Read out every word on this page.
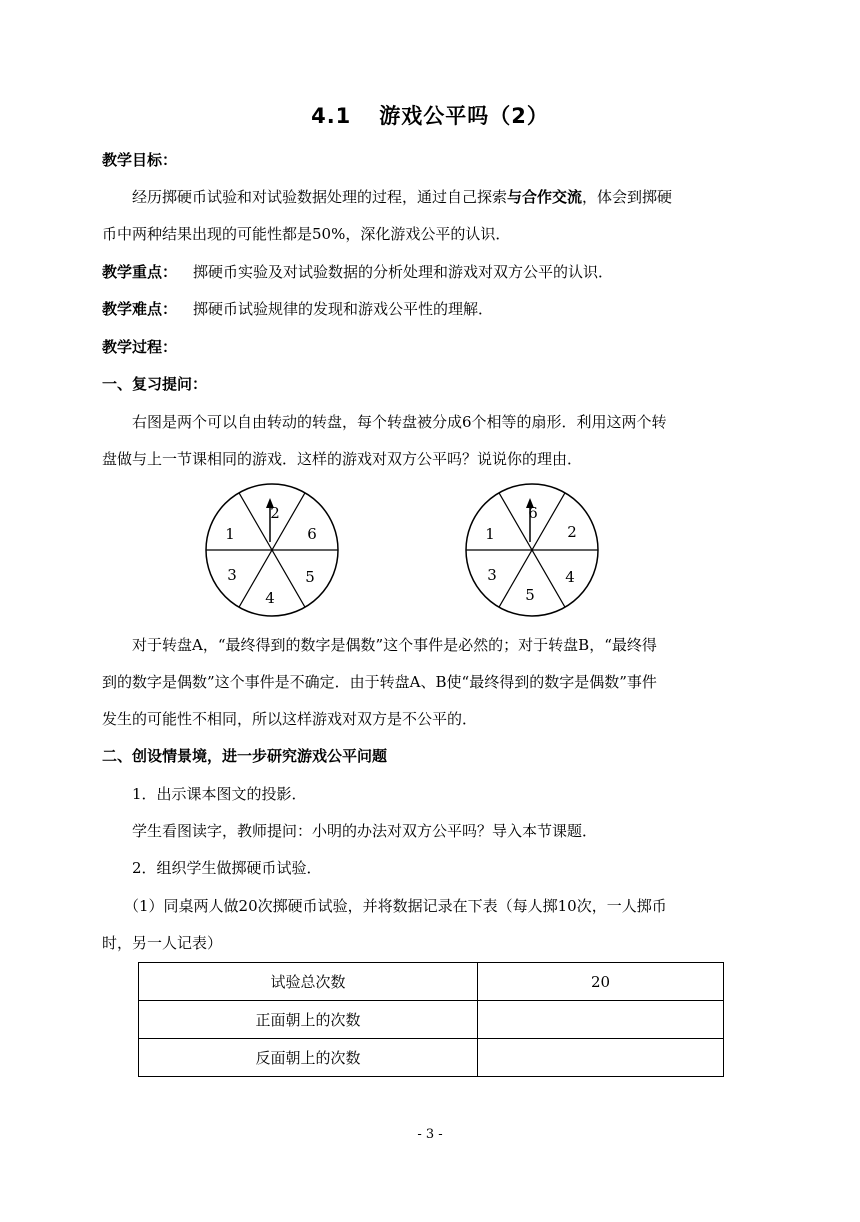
4.1 游戏公平吗（2）
教学目标：
经历掷硬币试验和对试验数据处理的过程，通过自己探索与合作交流，体会到掷硬
币中两种结果出现的可能性都是50%，深化游戏公平的认识．
教学重点： 掷硬币实验及对试验数据的分析处理和游戏对双方公平的认识．
教学难点： 掷硬币试验规律的发现和游戏公平性的理解．
教学过程：
一、复习提问：
右图是两个可以自由转动的转盘，每个转盘被分成6个相等的扇形．利用这两个转
盘做与上一节课相同的游戏．这样的游戏对双方公平吗？说说你的理由．
2
6
5
4
3
1
6
2
4
5
3
1
对于转盘A，“最终得到的数字是偶数”这个事件是必然的；对于转盘B，“最终得
到的数字是偶数”这个事件是不确定．由于转盘A、B使“最终得到的数字是偶数”事件
发生的可能性不相同，所以这样游戏对双方是不公平的．
二、创设情景境，进一步研究游戏公平问题
1．出示课本图文的投影．
学生看图读字，教师提问：小明的办法对双方公平吗？导入本节课题．
2．组织学生做掷硬币试验．
（1）同桌两人做20次掷硬币试验，并将数据记录在下表（每人掷10次，一人掷币
时，另一人记表）
试验总次数	20
正面朝上的次数	
反面朝上的次数	
- 3 -
